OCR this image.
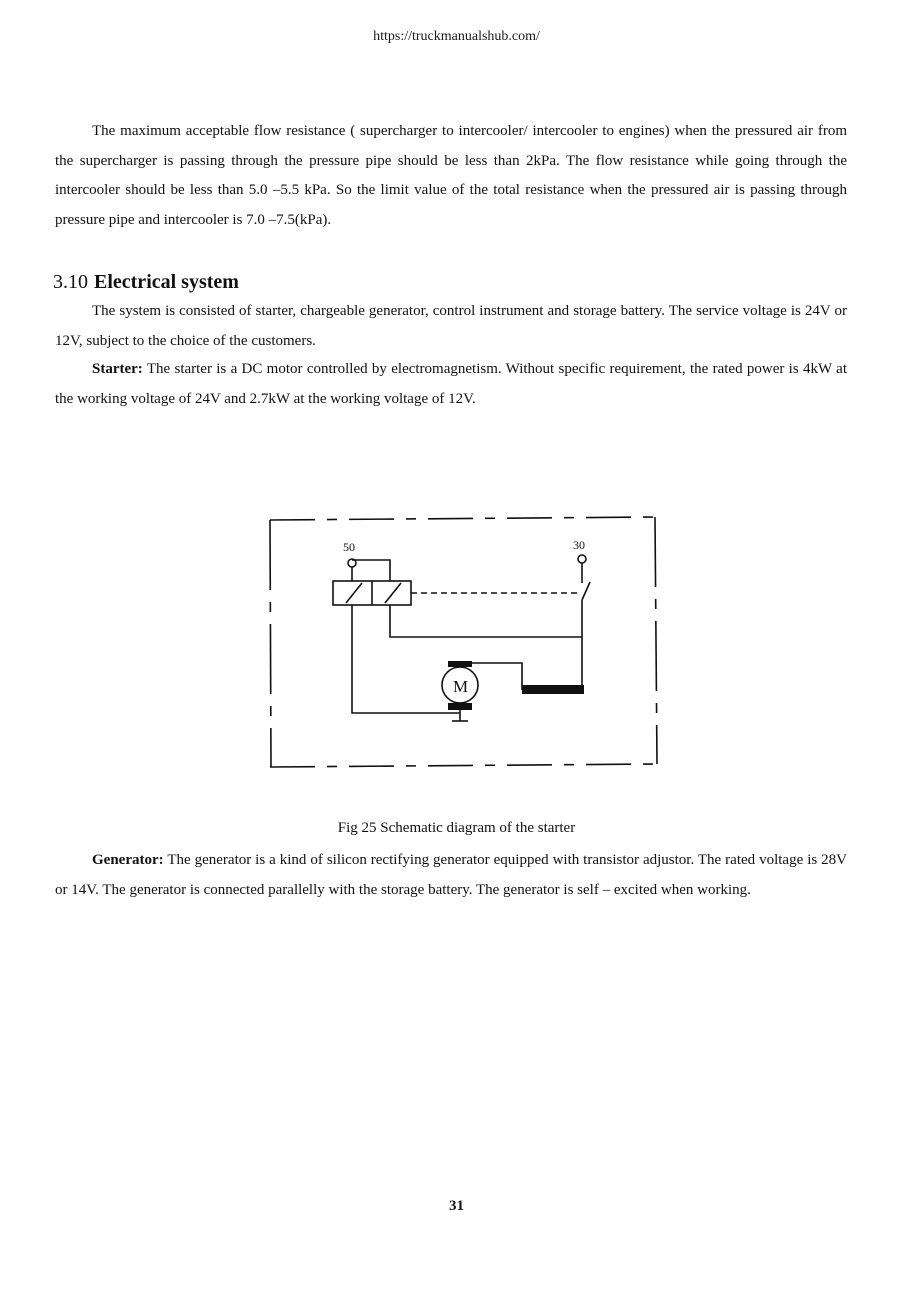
https://truckmanualshub.com/

The maximum acceptable flow resistance ( supercharger to intercooler/ intercooler to engines) when the pressured air from the supercharger is passing through the pressure pipe should be less than 2kPa. The flow resistance while going through the intercooler should be less than 5.0 –5.5 kPa. So the limit value of the total resistance when the pressured air is passing through pressure pipe and intercooler is 7.0 –7.5(kPa).

3.10 Electrical system

The system is consisted of starter, chargeable generator, control instrument and storage battery. The service voltage is 24V or 12V, subject to the choice of the customers.

Starter: The starter is a DC motor controlled by electromagnetism. Without specific requirement, the rated power is 4kW at the working voltage of 24V and 2.7kW at the working voltage of 12V.

50	30
M

Fig 25 Schematic diagram of the starter

Generator: The generator is a kind of silicon rectifying generator equipped with transistor adjustor. The rated voltage is 28V or 14V. The generator is connected parallelly with the storage battery. The generator is self – excited when working.

31
